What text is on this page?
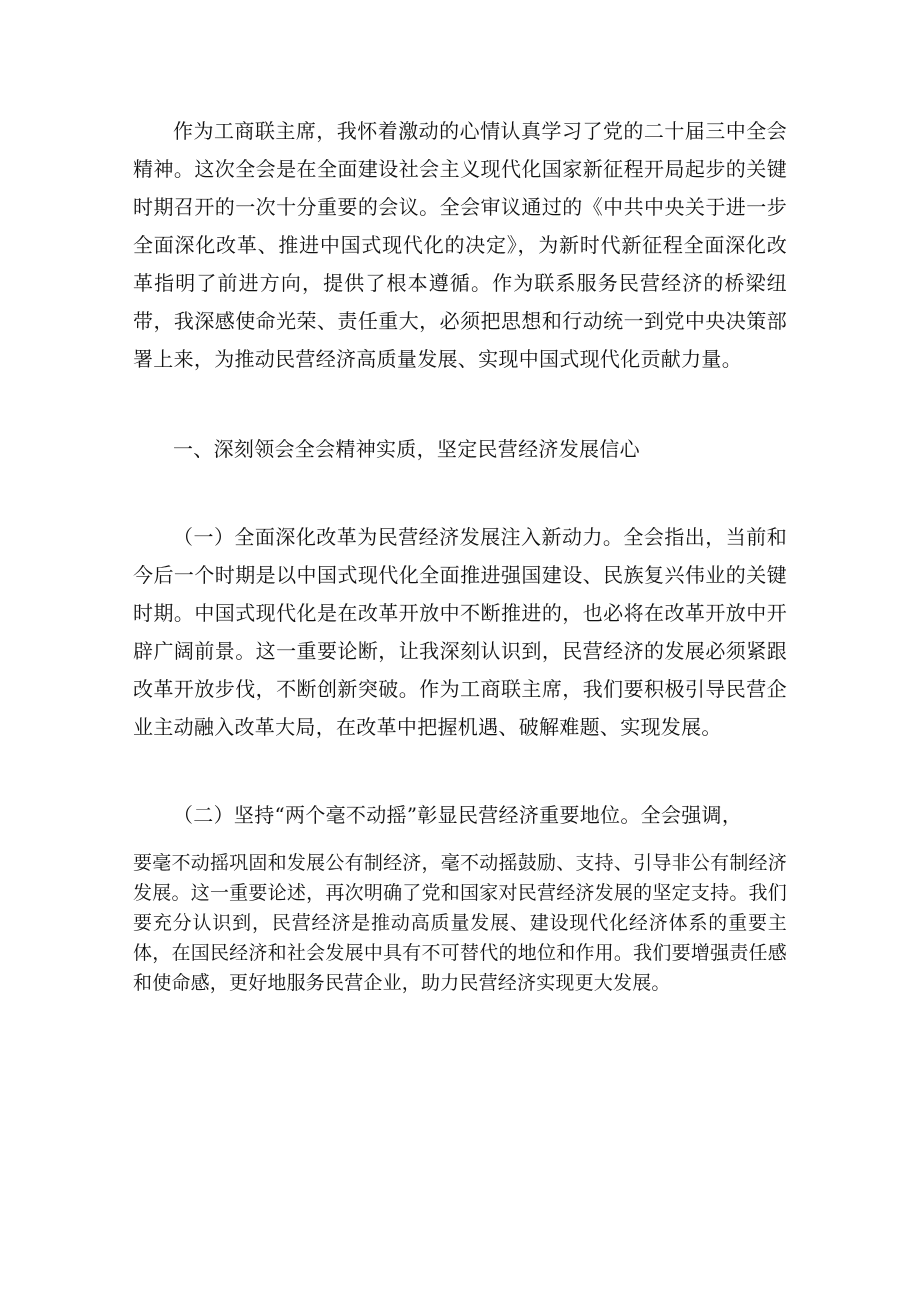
作为工商联主席，我怀着激动的心情认真学习了党的二十届三中全会精神。这次全会是在全面建设社会主义现代化国家新征程开局起步的关键时期召开的一次十分重要的会议。全会审议通过的《中共中央关于进一步全面深化改革、推进中国式现代化的决定》，为新时代新征程全面深化改革指明了前进方向，提供了根本遵循。作为联系服务民营经济的桥梁纽带，我深感使命光荣、责任重大，必须把思想和行动统一到党中央决策部署上来，为推动民营经济高质量发展、实现中国式现代化贡献力量。

一、深刻领会全会精神实质，坚定民营经济发展信心

（一）全面深化改革为民营经济发展注入新动力。全会指出，当前和今后一个时期是以中国式现代化全面推进强国建设、民族复兴伟业的关键时期。中国式现代化是在改革开放中不断推进的，也必将在改革开放中开辟广阔前景。这一重要论断，让我深刻认识到，民营经济的发展必须紧跟改革开放步伐，不断创新突破。作为工商联主席，我们要积极引导民营企业主动融入改革大局，在改革中把握机遇、破解难题、实现发展。

（二）坚持“两个毫不动摇”彰显民营经济重要地位。全会强调，

要毫不动摇巩固和发展公有制经济，毫不动摇鼓励、支持、引导非公有制经济发展。这一重要论述，再次明确了党和国家对民营经济发展的坚定支持。我们要充分认识到，民营经济是推动高质量发展、建设现代化经济体系的重要主体，在国民经济和社会发展中具有不可替代的地位和作用。我们要增强责任感和使命感，更好地服务民营企业，助力民营经济实现更大发展。
